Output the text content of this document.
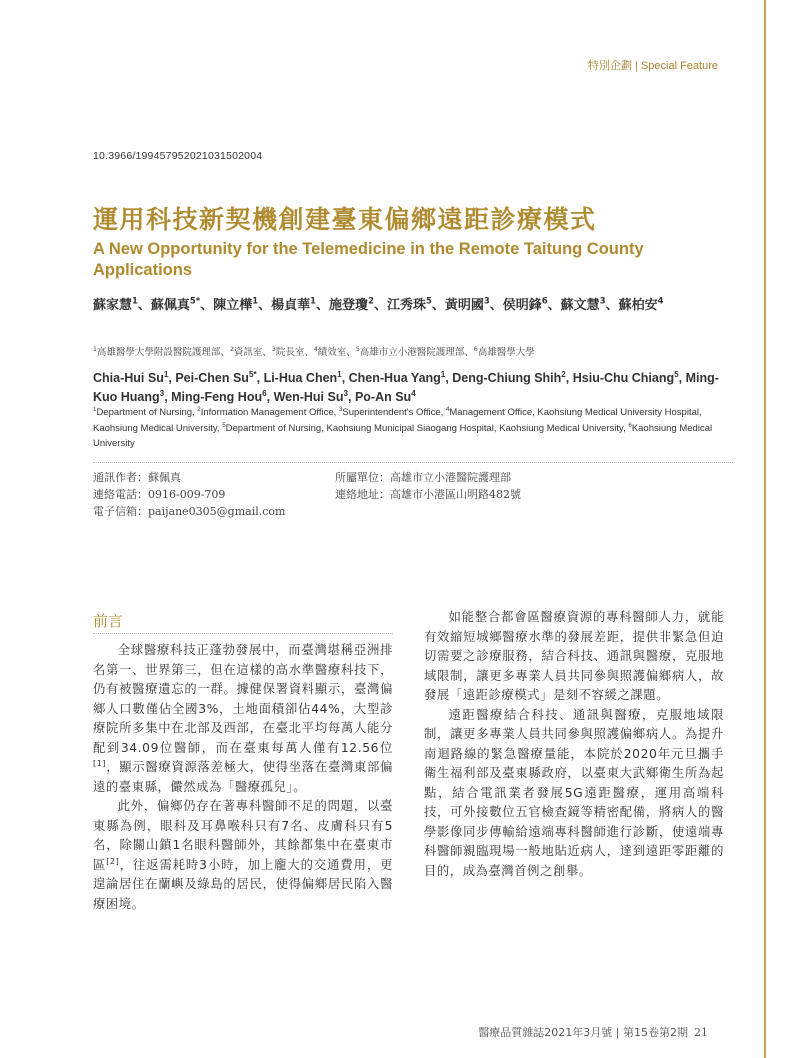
特別企劃 | Special Feature
10.3966/199457952021031502004
運用科技新契機創建臺東偏鄉遠距診療模式
A New Opportunity for the Telemedicine in the Remote Taitung County Applications
蘇家慧$^1$、蘇佩真$^{5*}$、陳立樺$^1$、楊貞華$^1$、施登瓊$^2$、江秀珠$^5$、黃明國$^3$、侯明鋒$^6$、蘇文慧$^3$、蘇柏安$^4$
$^1$高雄醫學大學附設醫院護理部、$^2$資訊室、$^3$院長室、$^4$績效室、$^5$高雄市立小港醫院護理部、$^6$高雄醫學大學
Chia-Hui Su$^1$, Pei-Chen $Su^{5*}$, Li-Hua Chen$^1$, Chen-Hua Yang$^1$, Deng-Chiung Shih$^2$, Hsiu-Chu Chiang$^5$, Ming-Kuo Huang$^3$, Ming-Feng Hou$^6$, Wen-Hui Su$^3$, Po-An Su$^4$
$^1$Department of Nursing, $^2$Information Management Office, $^3$Superintendent's Office, $^4$Management Office, Kaohsiung Medical University Hospital, Kaohsiung Medical University, $^5$Department of Nursing, Kaohsiung Municipal Siaogang Hospital, Kaohsiung Medical University, $^6$Kaohsiung Medical University
通訊作者：蘇佩真
連絡電話：0916-009-709
電子信箱：paijane0305@gmail.com
所屬單位：高雄市立小港醫院護理部
連絡地址：高雄市小港區山明路482號
前言

全球醫療科技正蓬勃發展中，而臺灣堪稱亞洲排名第一、世界第三，但在這樣的高水準醫療科技下，仍有被醫療遺忘的一群。據健保署資料顯示，臺灣偏鄉人口數僅佔全國3%，土地面積卻佔44%，大型診療院所多集中在北部及西部，在臺北平均每萬人能分配到34.09位醫師，而在臺東每萬人僅有12.56位[1]，顯示醫療資源落差極大，使得坐落在臺灣東部偏遠的臺東縣，儼然成為「醫療孤兒」。

此外，偏鄉仍存在著專科醫師不足的問題，以臺東縣為例，眼科及耳鼻喉科只有7名、皮膚科只有5名，除關山鎮1名眼科醫師外，其餘都集中在臺東市區[2]，往返需耗時3小時，加上龐大的交通費用，更遑論居住在蘭嶼及綠島的居民，使得偏鄉居民陷入醫療困境。

如能整合都會區醫療資源的專科醫師人力，就能有效縮短城鄉醫療水準的發展差距，提供非緊急但迫切需要之診療服務，結合科技、通訊與醫療，克服地域限制，讓更多專業人員共同參與照護偏鄉病人，故發展「遠距診療模式」是刻不容緩之課題。

遠距醫療結合科技、通訊與醫療，克服地域限制，讓更多專業人員共同參與照護偏鄉病人。為提升南迴路線的緊急醫療量能，本院於2020年元旦攜手衛生福利部及臺東縣政府，以臺東大武鄉衛生所為起點，結合電訊業者發展5G遠距醫療，運用高端科技，可外接數位五官檢查鏡等精密配備，將病人的醫學影像同步傳輸給遠端專科醫師進行診斷，使遠端專科醫師親臨現場一般地貼近病人，達到遠距零距離的目的，成為臺灣首例之創舉。

醫療品質雜誌2021年3月號 | 第15卷第2期 21
